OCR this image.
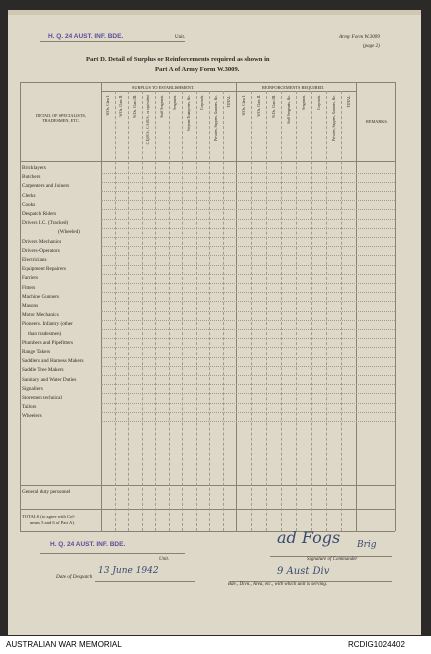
H. Q. 24 AUST. INF. BDE.	Unit.	Army Form W.3009
(page 2)
Part D. Detail of Surplus or Reinforcements required as shown in
Part A of Army Form W.3009.
DETAIL OF SPECIALISTS, TRADESMEN, ETC.
SURPLUS TO ESTABLISHMENT.	REINFORCEMENTS REQUIRED.
REMARKS.
W.Os. Class I.	W.Os. Class II.	W.Os. Class III.	C.Q.M.S., C.S.M.S., or equivalent	Staff Sergeants.	Sergeants.	Serjeant Trumpeters, &c.	Corporals.	Privates, Sappers, Gunners, &c.	TOTAL.	W.Os. Class I.	W.Os. Class II.	W.Os. Class III.	Staff Sergeants, &c.	Sergeants.	Corporals.	Privates, Sappers, Gunners, &c.	TOTAL.
Bricklayers
Butchers
Carpenters and Joiners
Clerks
Cooks
Despatch Riders
Drivers I.C. (Tracked)
(Wheeled)
Drivers Mechanics
Drivers-Operators
Electricians
Equipment Repairers
Farriers
Fitters
Machine Gunners
Masons
Motor Mechanics
Pioneers. Infantry (other
than tradesmen)
Plumbers and Pipefitters
Range Takers
Saddlers and Harness Makers
Saddle Tree Makers
Sanitary and Water Duties
Signallers
Storemen technical
Tailors
Wheelers
General duty personnel
TOTALS (to agree with Col-
umns 5 and 6 of Part A).
H. Q. 24 AUST. INF. BDE.
Unit.
ad Fogs Brig
Signature of Commander
Date of Despatch
13 June 1942	9 Aust Div
Bde., Divn., Area, etc., with which unit is serving.
AUSTRALIAN WAR MEMORIAL	RCDIG1024402
